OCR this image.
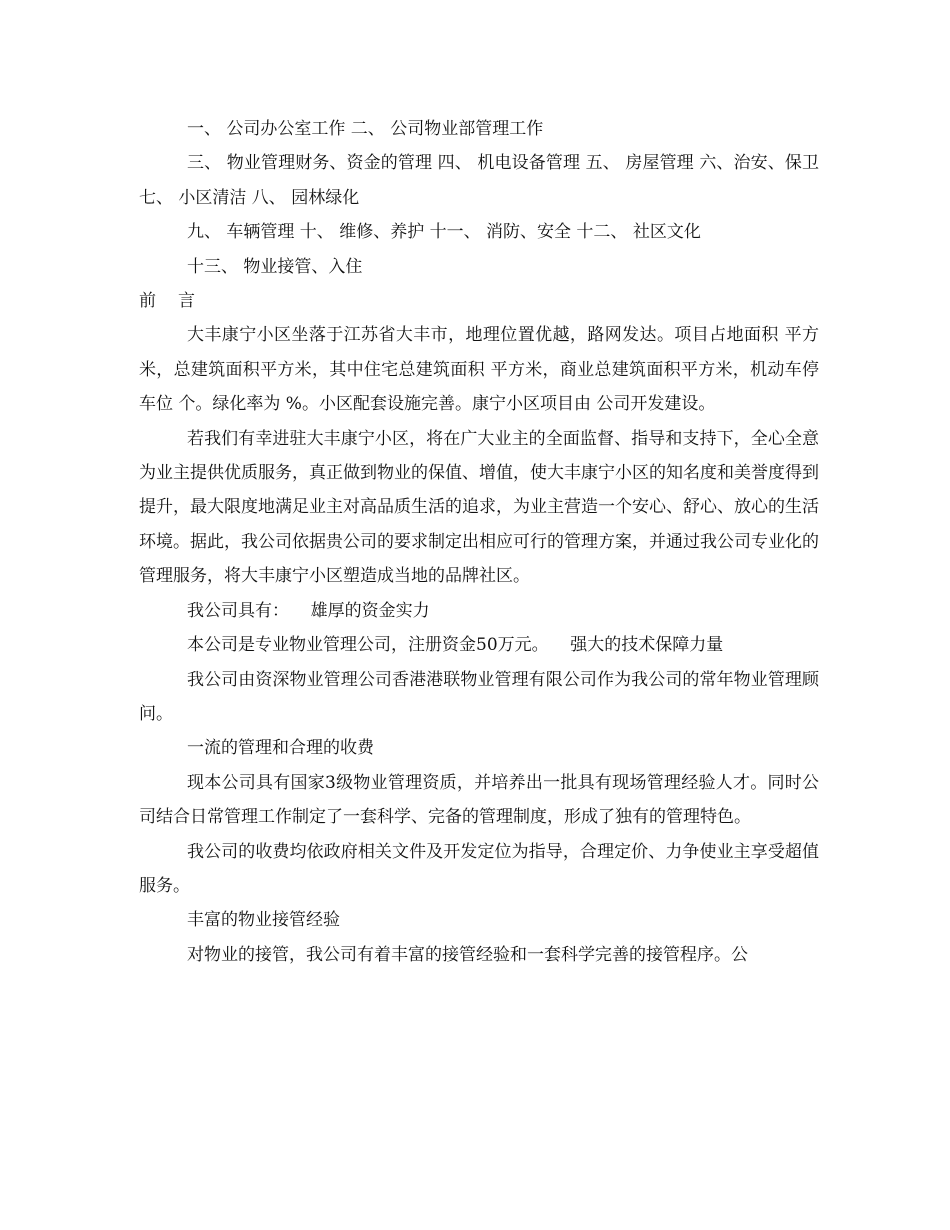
一、 公司办公室工作 二、 公司物业部管理工作

三、 物业管理财务、资金的管理 四、 机电设备管理 五、 房屋管理 六、治安、保卫 七、 小区清洁 八、 园林绿化

九、 车辆管理 十、 维修、养护 十一、 消防、安全 十二、 社区文化

十三、 物业接管、入住

前 言

大丰康宁小区坐落于江苏省大丰市，地理位置优越，路网发达。项目占地面积 平方米，总建筑面积平方米，其中住宅总建筑面积 平方米，商业总建筑面积平方米，机动车停车位 个。绿化率为 %。小区配套设施完善。康宁小区项目由 公司开发建设。

若我们有幸进驻大丰康宁小区，将在广大业主的全面监督、指导和支持下，全心全意为业主提供优质服务，真正做到物业的保值、增值，使大丰康宁小区的知名度和美誉度得到提升，最大限度地满足业主对高品质生活的追求，为业主营造一个安心、舒心、放心的生活环境。据此，我公司依据贵公司的要求制定出相应可行的管理方案，并通过我公司专业化的管理服务，将大丰康宁小区塑造成当地的品牌社区。

我公司具有：    雄厚的资金实力

本公司是专业物业管理公司，注册资金50万元。    强大的技术保障力量

我公司由资深物业管理公司香港港联物业管理有限公司作为我公司的常年物业管理顾问。

一流的管理和合理的收费

现本公司具有国家3级物业管理资质，并培养出一批具有现场管理经验人才。同时公司结合日常管理工作制定了一套科学、完备的管理制度，形成了独有的管理特色。

我公司的收费均依政府相关文件及开发定位为指导，合理定价、力争使业主享受超值服务。

丰富的物业接管经验

对物业的接管，我公司有着丰富的接管经验和一套科学完善的接管程序。公
